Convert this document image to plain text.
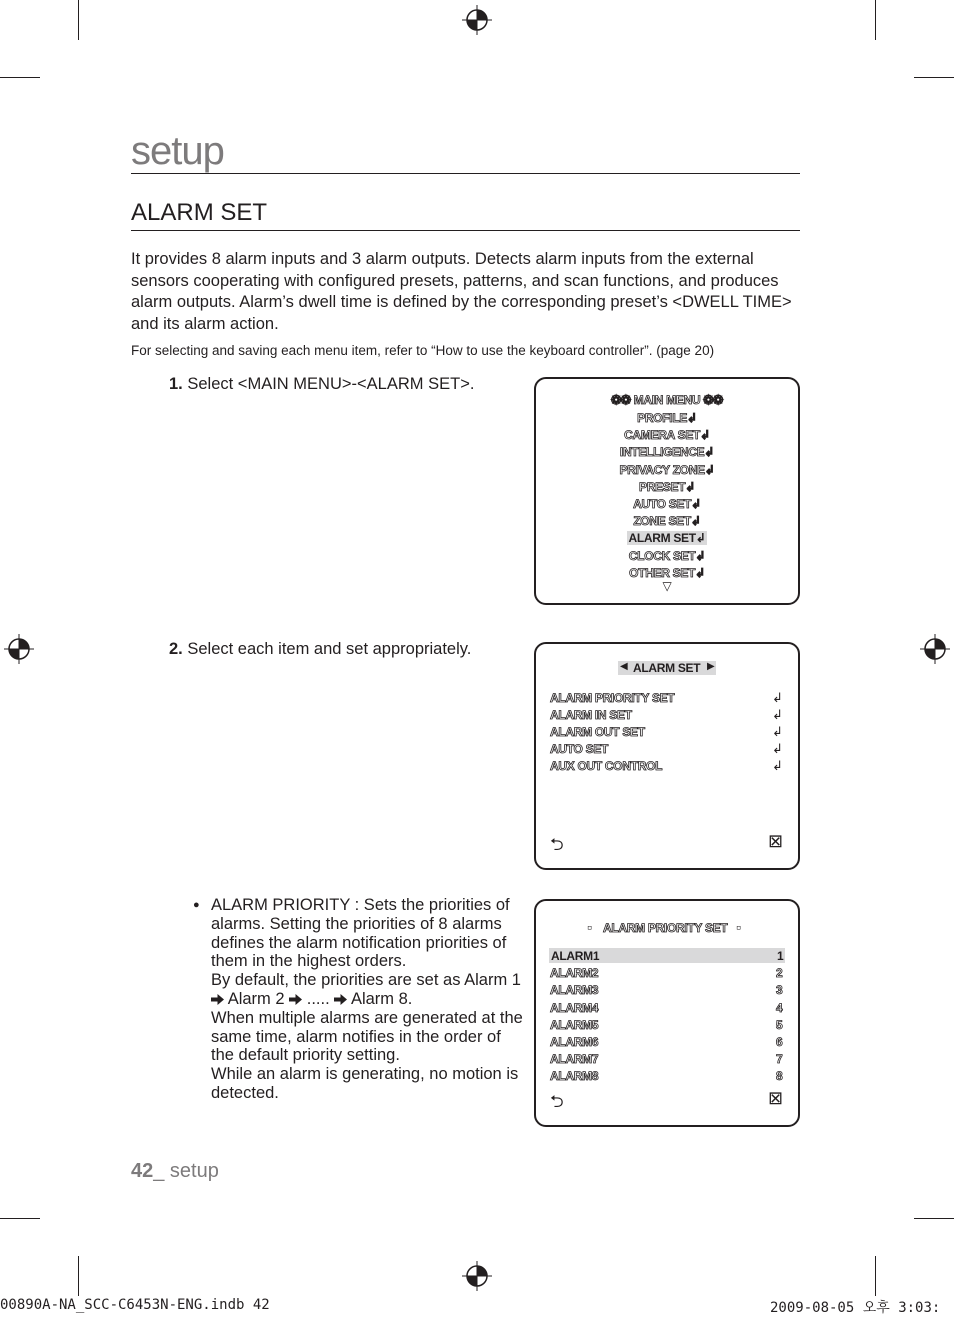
setup
ALARM SET
It provides 8 alarm inputs and 3 alarm outputs. Detects alarm inputs from the external sensors cooperating with configured presets, patterns, and scan functions, and produces alarm outputs. Alarm’s dwell time is defined by the corresponding preset’s <DWELL TIME> and its alarm action.
For selecting and saving each menu item, refer to “How to use the keyboard controller”. (page 20)
1. Select <MAIN MENU>-<ALARM SET>.
2. Select each item and set appropriately.
● ALARM PRIORITY : Sets the priorities of alarms. Setting the priorities of 8 alarms defines the alarm notification priorities of them in the highest orders.
By default, the priorities are set as Alarm 1  Alarm 2 ..... Alarm 8.
When multiple alarms are generated at the same time, alarm notifies in the order of the default priority setting.
While an alarm is generating, no motion is detected.
❂❂ MAIN MENU ❂❂
PROFILE↲
CAMERA SET↲
INTELLIGENCE↲
PRIVACY ZONE↲
PRESET↲
AUTO SET↲
ZONE SET↲
ALARM SET↲
CLOCK SET↲
OTHER SET↲
▽
◀ ALARM SET ▶
ALARM PRIORITY SET	↲
ALARM IN SET	↲
ALARM OUT SET	↲
AUTO SET	↲
AUX OUT CONTROL	↲
⮌	⊠
▫ ALARM PRIORITY SET ▫
ALARM1	1
ALARM2	2
ALARM3	3
ALARM4	4
ALARM5	5
ALARM6	6
ALARM7	7
ALARM8	8
⮌	⊠
42_ setup
00890A-NA_SCC-C6453N-ENG.indb 42	2009-08-05 오후 3:03:
